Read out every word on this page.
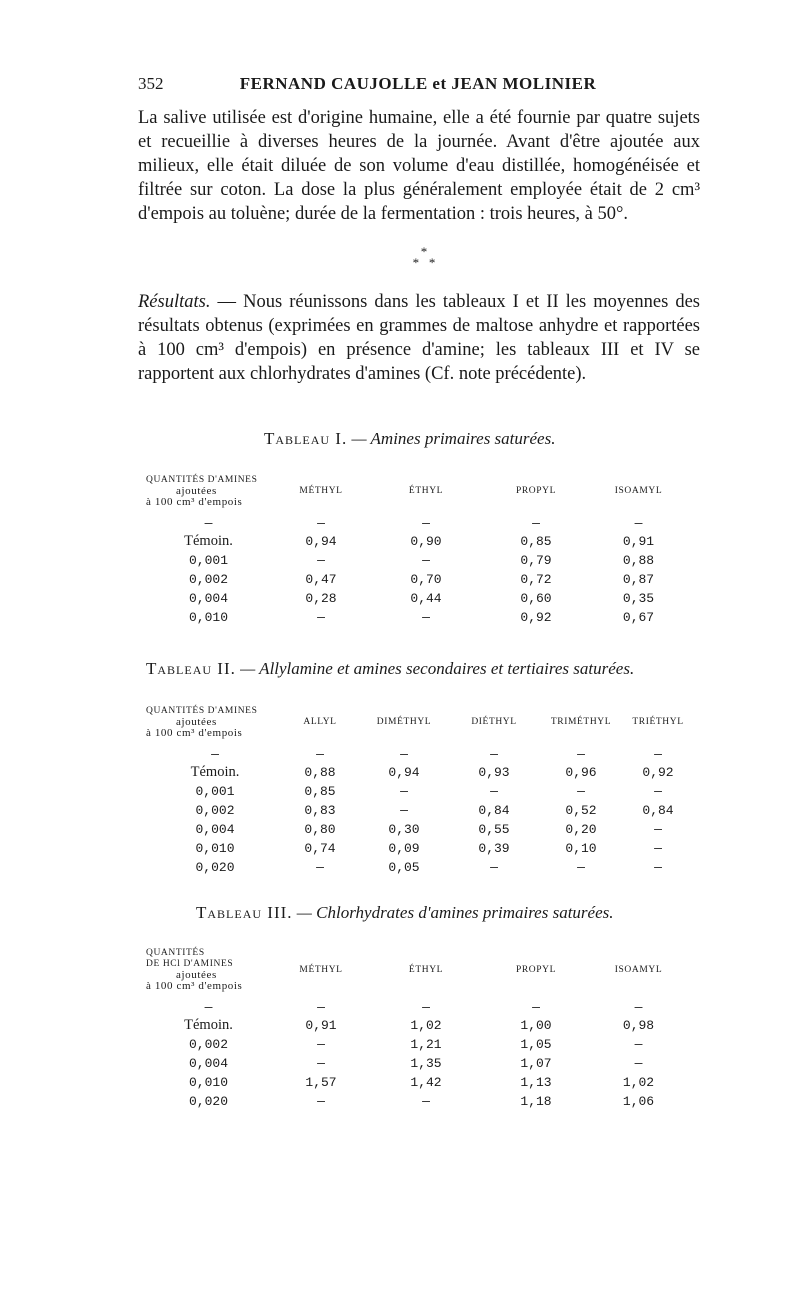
352	FERNAND CAUJOLLE et JEAN MOLINIER

La salive utilisée est d'origine humaine, elle a été fournie par quatre sujets et recueillie à diverses heures de la journée. Avant d'être ajoutée aux milieux, elle était diluée de son volume d'eau distillée, homogénéisée et filtrée sur coton. La dose la plus généralement employée était de 2 cm³ d'empois au toluène; durée de la fermentation : trois heures, à 50°.

*
*   *

Résultats. — Nous réunissons dans les tableaux I et II les moyennes des résultats obtenus (exprimées en grammes de maltose anhydre et rapportées à 100 cm³ d'empois) en présence d'amine; les tableaux III et IV se rapportent aux chlorhydrates d'amines (Cf. note précédente).

Tableau I. — Amines primaires saturées.
QUANTITÉS D'AMINES
ajoutées
à 100 cm³ d'empois	MÉTHYL	ÉTHYL	PROPYL	ISOAMYL
—	—	—	—	—
Témoin.	0,94	0,90	0,85	0,91
0,001	—	—	0,79	0,88
0,002	0,47	0,70	0,72	0,87
0,004	0,28	0,44	0,60	0,35
0,010	—	—	0,92	0,67
Tableau II. — Allylamine et amines secondaires et tertiaires saturées.
QUANTITÉS D'AMINES
ajoutées
à 100 cm³ d'empois	ALLYL	DIMÉTHYL	DIÉTHYL	TRIMÉTHYL	TRIÉTHYL
—	—	—	—	—	—
Témoin.	0,88	0,94	0,93	0,96	0,92
0,001	0,85	—	—	—	—
0,002	0,83	—	0,84	0,52	0,84
0,004	0,80	0,30	0,55	0,20	—
0,010	0,74	0,09	0,39	0,10	—
0,020	—	0,05	—	—	—
Tableau III. — Chlorhydrates d'amines primaires saturées.
QUANTITÉS
DE HCl D'AMINES
ajoutées
à 100 cm³ d'empois	MÉTHYL	ÉTHYL	PROPYL	ISOAMYL
—	—	—	—	—
Témoin.	0,91	1,02	1,00	0,98
0,002	—	1,21	1,05	—
0,004	—	1,35	1,07	—
0,010	1,57	1,42	1,13	1,02
0,020	—	—	1,18	1,06
